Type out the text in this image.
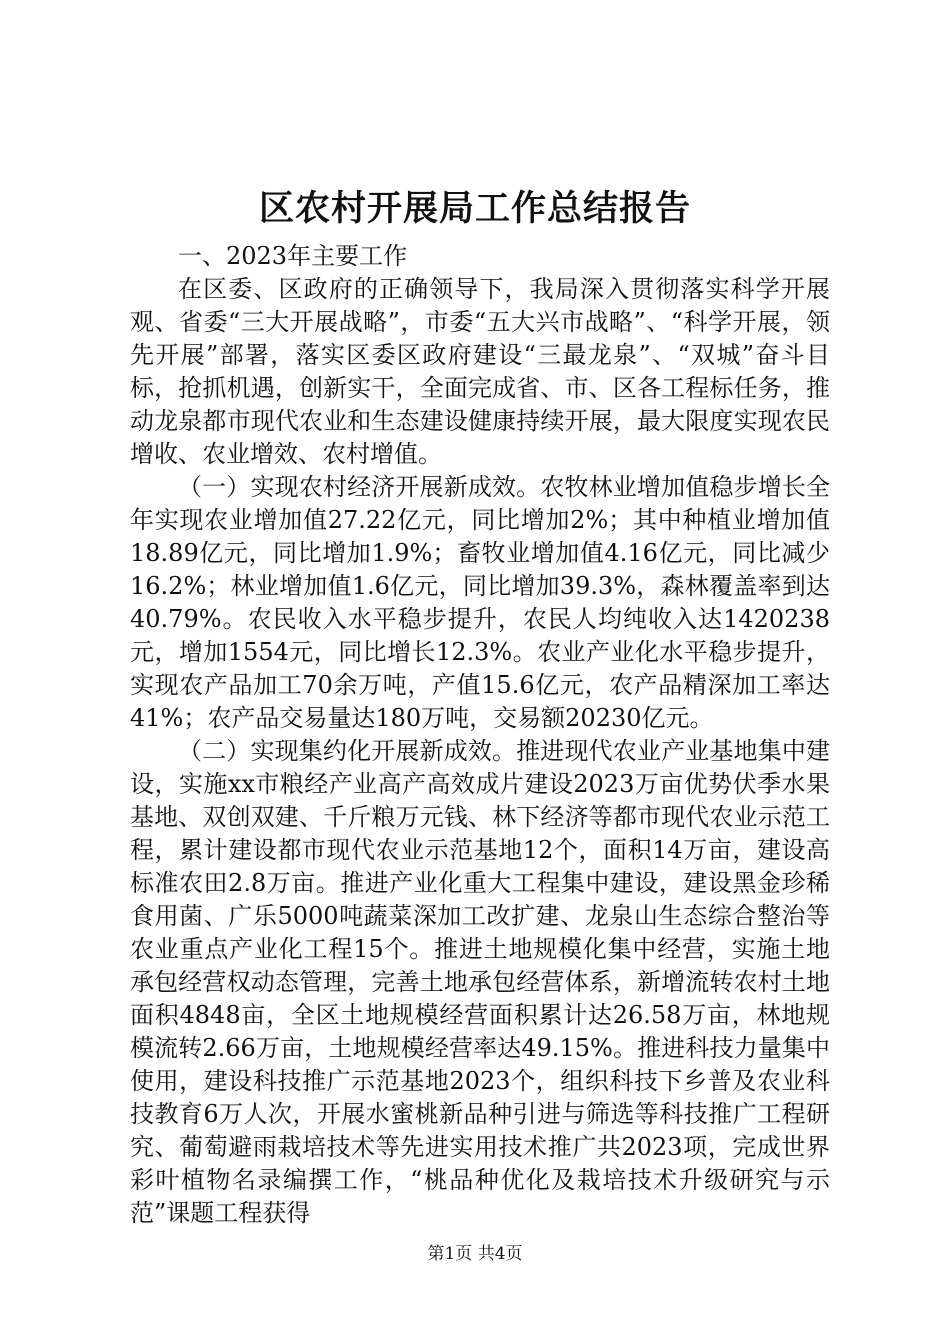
区农村开展局工作总结报告

一、2023年主要工作

在区委、区政府的正确领导下，我局深入贯彻落实科学开展观、省委“三大开展战略”，市委“五大兴市战略”、“科学开展，领先开展”部署，落实区委区政府建设“三最龙泉”、“双城”奋斗目标，抢抓机遇，创新实干，全面完成省、市、区各工程标任务，推动龙泉都市现代农业和生态建设健康持续开展，最大限度实现农民增收、农业增效、农村增值。

（一）实现农村经济开展新成效。农牧林业增加值稳步增长全年实现农业增加值27.22亿元，同比增加2%；其中种植业增加值18.89亿元，同比增加1.9%；畜牧业增加值4.16亿元，同比减少16.2%；林业增加值1.6亿元，同比增加39.3%，森林覆盖率到达40.79%。农民收入水平稳步提升，农民人均纯收入达1420238元，增加1554元，同比增长12.3%。农业产业化水平稳步提升，实现农产品加工70余万吨，产值15.6亿元，农产品精深加工率达41%；农产品交易量达180万吨，交易额20230亿元。

（二）实现集约化开展新成效。推进现代农业产业基地集中建设，实施xx市粮经产业高产高效成片建设2023万亩优势伏季水果基地、双创双建、千斤粮万元钱、林下经济等都市现代农业示范工程，累计建设都市现代农业示范基地12个，面积14万亩，建设高标准农田2.8万亩。推进产业化重大工程集中建设，建设黑金珍稀食用菌、广乐5000吨蔬菜深加工改扩建、龙泉山生态综合整治等农业重点产业化工程15个。推进土地规模化集中经营，实施土地承包经营权动态管理，完善土地承包经营体系，新增流转农村土地面积4848亩，全区土地规模经营面积累计达26.58万亩，林地规模流转2.66万亩，土地规模经营率达49.15%。推进科技力量集中使用，建设科技推广示范基地2023个，组织科技下乡普及农业科技教育6万人次，开展水蜜桃新品种引进与筛选等科技推广工程研究、葡萄避雨栽培技术等先进实用技术推广共2023项，完成世界彩叶植物名录编撰工作，“桃品种优化及栽培技术升级研究与示范”课题工程获得

第1页 共4页
